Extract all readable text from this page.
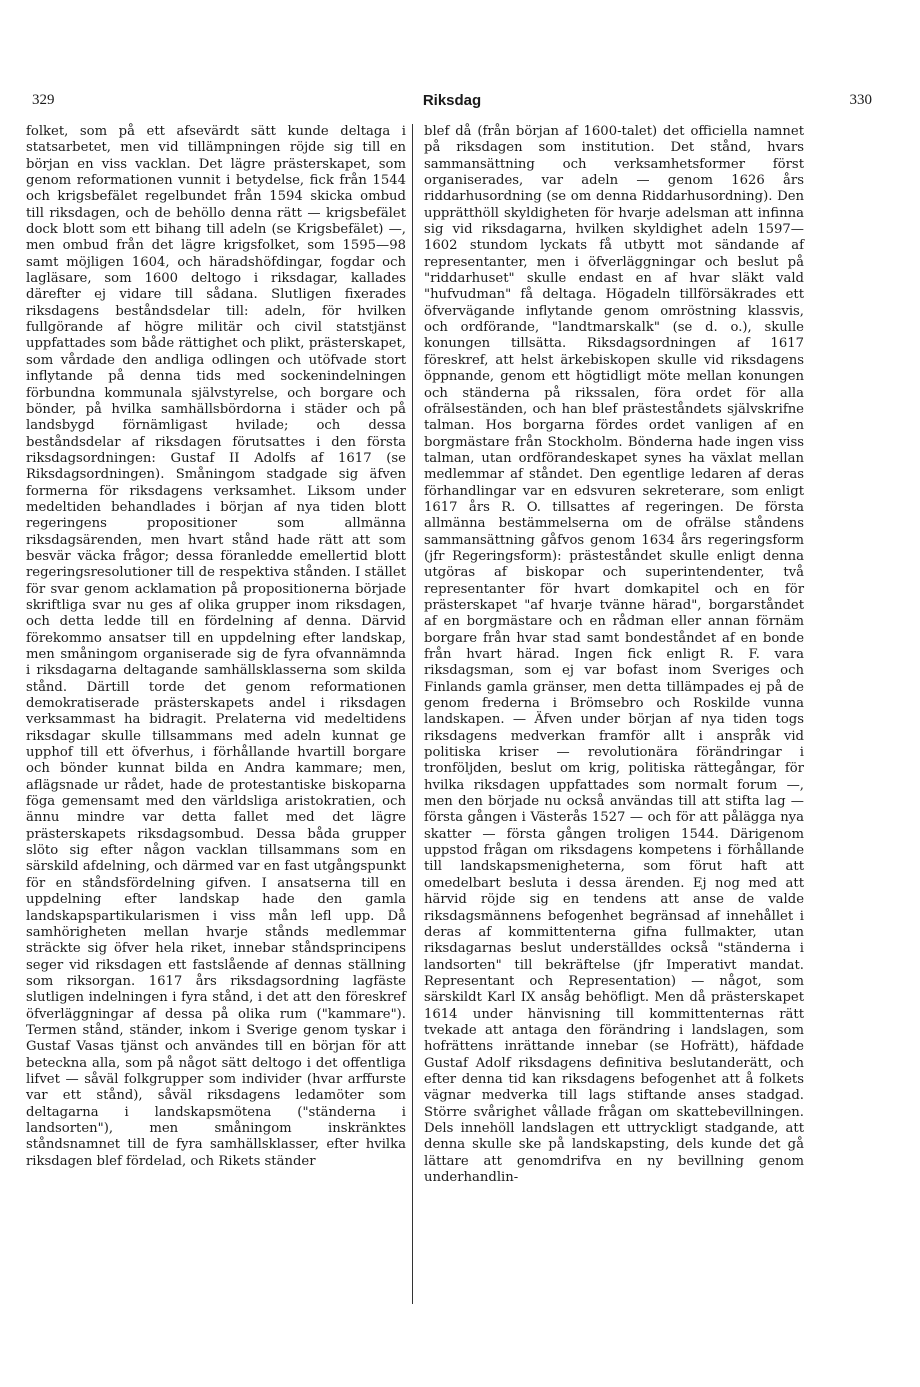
329	Riksdag	330

folket, som på ett afsevärdt sätt kunde deltaga i statsarbetet, men vid tillämpningen röjde sig till en början en viss vacklan. Det lägre prästerskapet, som genom reformationen vunnit i betydelse, fick från 1544 och krigsbefälet regelbundet från 1594 skicka ombud till riksdagen, och de behöllo denna rätt — krigsbefälet dock blott som ett bihang till adeln (se Krigsbefälet) —, men ombud från det lägre krigsfolket, som 1595—98 samt möjligen 1604, och häradshöfdingar, fogdar och lagläsare, som 1600 deltogo i riksdagar, kallades därefter ej vidare till sådana. Slutligen fixerades riksdagens beståndsdelar till: adeln, för hvilken fullgörande af högre militär och civil statstjänst uppfattades som både rättighet och plikt, prästerskapet, som vårdade den andliga odlingen och utöfvade stort inflytande på denna tids med sockenindelningen förbundna kommunala självstyrelse, och borgare och bönder, på hvilka samhällsbördorna i städer och på landsbygd förnämligast hvilade; och dessa beståndsdelar af riksdagen förutsattes i den första riksdagsordningen: Gustaf II Adolfs af 1617 (se Riksdagsordningen). Småningom stadgade sig äfven formerna för riksdagens verksamhet. Liksom under medeltiden behandlades i början af nya tiden blott regeringens propositioner som allmänna riksdagsärenden, men hvart stånd hade rätt att som besvär väcka frågor; dessa föranledde emellertid blott regeringsresolutioner till de respektiva stånden. I stället för svar genom acklamation på propositionerna började skriftliga svar nu ges af olika grupper inom riksdagen, och detta ledde till en fördelning af denna. Därvid förekommo ansatser till en uppdelning efter landskap, men småningom organiserade sig de fyra ofvannämnda i riksdagarna deltagande samhällsklasserna som skilda stånd. Därtill torde det genom reformationen demokratiserade prästerskapets andel i riksdagen verksammast ha bidragit. Prelaterna vid medeltidens riksdagar skulle tillsammans med adeln kunnat ge upphof till ett öfverhus, i förhållande hvartill borgare och bönder kunnat bilda en Andra kammare; men, aflägsnade ur rådet, hade de protestantiske biskoparna föga gemensamt med den världsliga aristokratien, och ännu mindre var detta fallet med det lägre prästerskapets riksdagsombud. Dessa båda grupper slöto sig efter någon vacklan tillsammans som en särskild afdelning, och därmed var en fast utgångspunkt för en ståndsfördelning gifven. I ansatserna till en uppdelning efter landskap hade den gamla landskapspartikularismen i viss mån lefl upp. Då samhörigheten mellan hvarje stånds medlemmar sträckte sig öfver hela riket, innebar ståndsprincipens seger vid riksdagen ett fastslående af dennas ställning som riksorgan. 1617 års riksdagsordning lagfäste slutligen indelningen i fyra stånd, i det att den föreskref öfverläggningar af dessa på olika rum ("kammare"). Termen stånd, ständer, inkom i Sverige genom tyskar i Gustaf Vasas tjänst och användes till en början för att beteckna alla, som på något sätt deltogo i det offentliga lifvet — såväl folkgrupper som individer (hvar arffurste var ett stånd), såväl riksdagens ledamöter som deltagarna i landskapsmötena ("ständerna i landsorten"), men småningom inskränktes ståndsnamnet till de fyra samhällsklasser, efter hvilka riksdagen blef fördelad, och Rikets ständer

blef då (från början af 1600-talet) det officiella namnet på riksdagen som institution. Det stånd, hvars sammansättning och verksamhetsformer först organiserades, var adeln — genom 1626 års riddarhusordning (se om denna Riddarhusordning). Den upprätthöll skyldigheten för hvarje adelsman att infinna sig vid riksdagarna, hvilken skyldighet adeln 1597—1602 stundom lyckats få utbytt mot sändande af representanter, men i öfverläggningar och beslut på "riddarhuset" skulle endast en af hvar släkt vald "hufvudman" få deltaga. Högadeln tillförsäkrades ett öfvervägande inflytande genom omröstning klassvis, och ordförande, "landtmarskalk" (se d. o.), skulle konungen tillsätta. Riksdagsordningen af 1617 föreskref, att helst ärkebiskopen skulle vid riksdagens öppnande, genom ett högtidligt möte mellan konungen och ständerna på rikssalen, föra ordet för alla ofrälseständen, och han blef prästeståndets självskrifne talman. Hos borgarna fördes ordet vanligen af en borgmästare från Stockholm. Bönderna hade ingen viss talman, utan ordförandeskapet synes ha växlat mellan medlemmar af ståndet. Den egentlige ledaren af deras förhandlingar var en edsvuren sekreterare, som enligt 1617 års R. O. tillsattes af regeringen. De första allmänna bestämmelserna om de ofrälse ståndens sammansättning gåfvos genom 1634 års regeringsform (jfr Regeringsform): prästeståndet skulle enligt denna utgöras af biskopar och superintendenter, två representanter för hvart domkapitel och en för prästerskapet "af hvarje tvänne härad", borgarståndet af en borgmästare och en rådman eller annan förnäm borgare från hvar stad samt bondeståndet af en bonde från hvart härad. Ingen fick enligt R. F. vara riksdagsman, som ej var bofast inom Sveriges och Finlands gamla gränser, men detta tillämpades ej på de genom frederna i Brömsebro och Roskilde vunna landskapen. — Äfven under början af nya tiden togs riksdagens medverkan framför allt i anspråk vid politiska kriser — revolutionära förändringar i tronföljden, beslut om krig, politiska rättegångar, för hvilka riksdagen uppfattades som normalt forum —, men den började nu också användas till att stifta lag — första gången i Västerås 1527 — och för att pålägga nya skatter — första gången troligen 1544. Därigenom uppstod frågan om riksdagens kompetens i förhållande till landskapsmenigheterna, som förut haft att omedelbart besluta i dessa ärenden. Ej nog med att härvid röjde sig en tendens att anse de valde riksdagsmännens befogenhet begränsad af innehållet i deras af kommittenterna gifna fullmakter, utan riksdagarnas beslut underställdes också "ständerna i landsorten" till bekräftelse (jfr Imperativt mandat. Representant och Representation) — något, som särskildt Karl IX ansåg behöfligt. Men då prästerskapet 1614 under hänvisning till kommittenternas rätt tvekade att antaga den förändring i landslagen, som hofrättens inrättande innebar (se Hofrätt), häfdade Gustaf Adolf riksdagens definitiva beslutanderätt, och efter denna tid kan riksdagens befogenhet att å folkets vägnar medverka till lags stiftande anses stadgad. Större svårighet vållade frågan om skattebevillningen. Dels innehöll landslagen ett uttryckligt stadgande, att denna skulle ske på landskapsting, dels kunde det gå lättare att genomdrifva en ny bevillning genom underhandlin-
